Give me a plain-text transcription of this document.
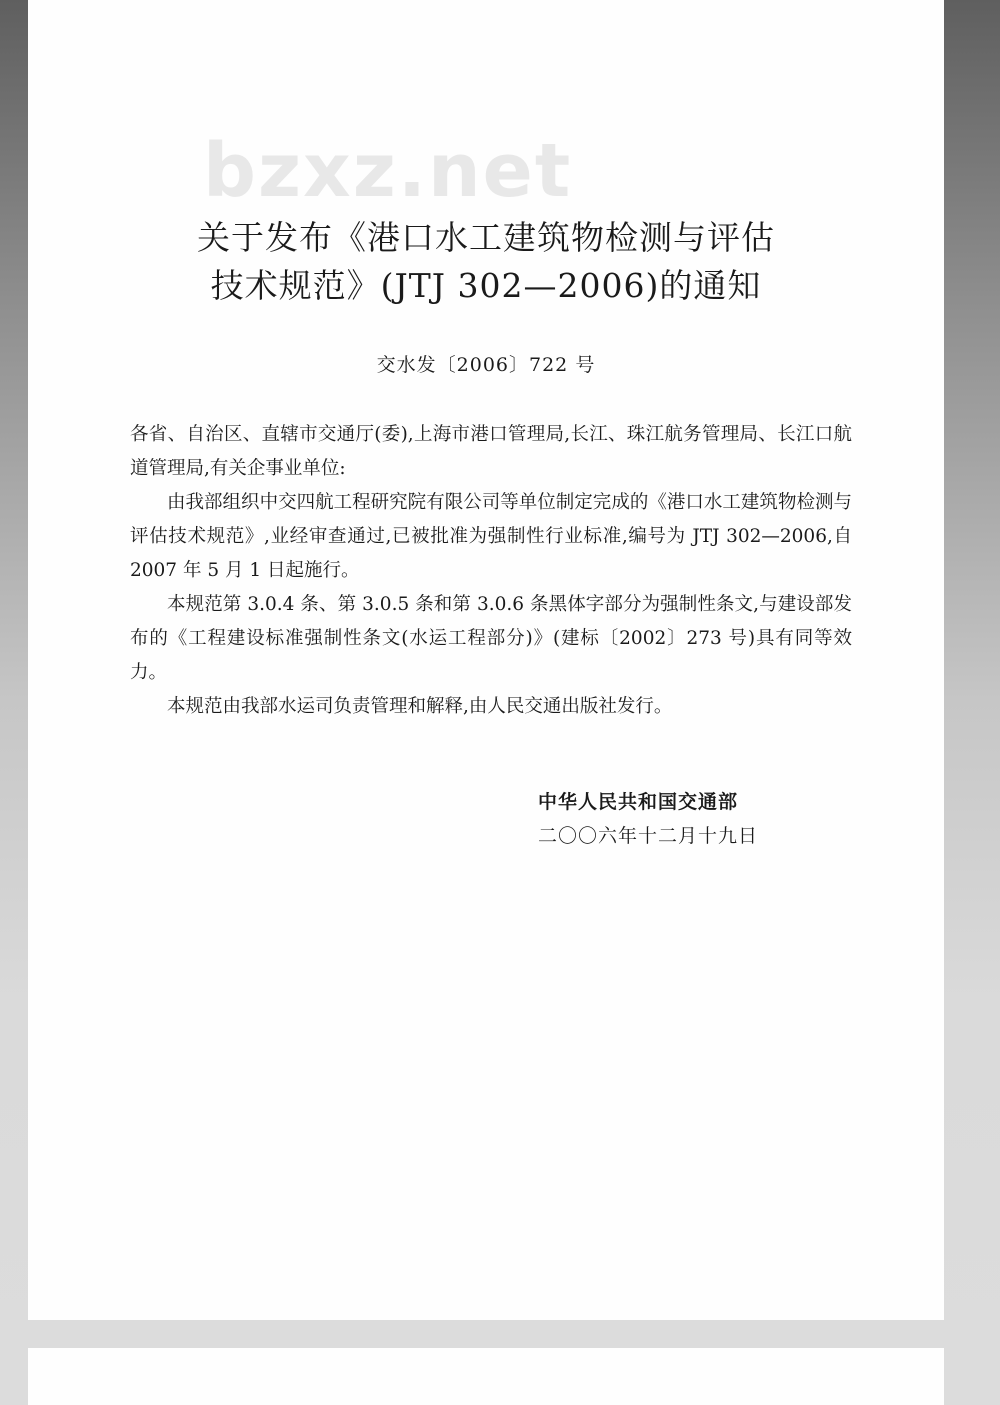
bzxz.net
关于发布《港口水工建筑物检测与评估
技术规范》(JTJ 302—2006)的通知
交水发〔2006〕722 号

各省、自治区、直辖市交通厅(委),上海市港口管理局,长江、珠江航务管理局、长江口航道管理局,有关企事业单位:

由我部组织中交四航工程研究院有限公司等单位制定完成的《港口水工建筑物检测与评估技术规范》,业经审查通过,已被批准为强制性行业标准,编号为 JTJ 302—2006,自 2007 年 5 月 1 日起施行。

本规范第 3.0.4 条、第 3.0.5 条和第 3.0.6 条黑体字部分为强制性条文,与建设部发布的《工程建设标准强制性条文(水运工程部分)》(建标〔2002〕273 号)具有同等效力。

本规范由我部水运司负责管理和解释,由人民交通出版社发行。

中华人民共和国交通部
二〇〇六年十二月十九日
